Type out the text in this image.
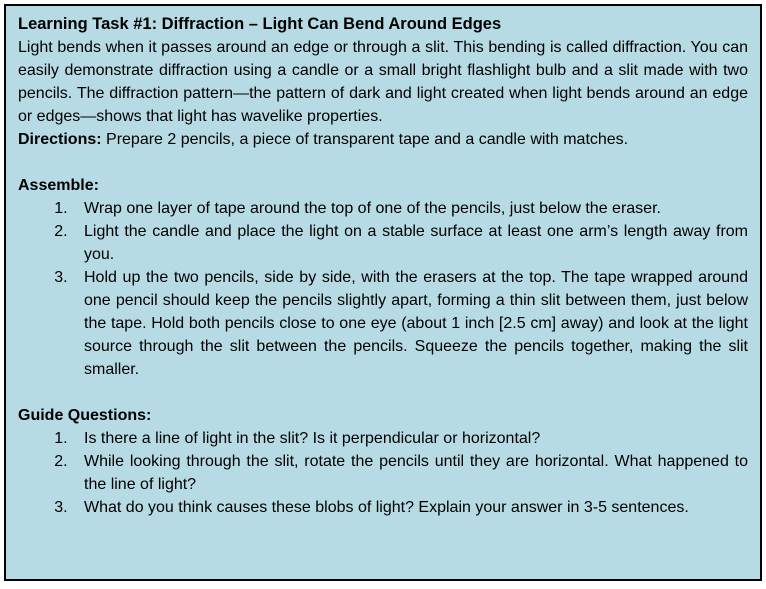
Learning Task #1: Diffraction – Light Can Bend Around Edges

Light bends when it passes around an edge or through a slit. This bending is called diffraction. You can easily demonstrate diffraction using a candle or a small bright flashlight bulb and a slit made with two pencils. The diffraction pattern—the pattern of dark and light created when light bends around an edge or edges—shows that light has wavelike properties.

Directions: Prepare 2 pencils, a piece of transparent tape and a candle with matches.

Assemble:

1. Wrap one layer of tape around the top of one of the pencils, just below the eraser.
2. Light the candle and place the light on a stable surface at least one arm’s length away from you.
3. Hold up the two pencils, side by side, with the erasers at the top. The tape wrapped around one pencil should keep the pencils slightly apart, forming a thin slit between them, just below the tape. Hold both pencils close to one eye (about 1 inch [2.5 cm] away) and look at the light source through the slit between the pencils. Squeeze the pencils together, making the slit smaller.

Guide Questions:

1. Is there a line of light in the slit? Is it perpendicular or horizontal?
2. While looking through the slit, rotate the pencils until they are horizontal. What happened to the line of light?
3. What do you think causes these blobs of light? Explain your answer in 3-5 sentences.
